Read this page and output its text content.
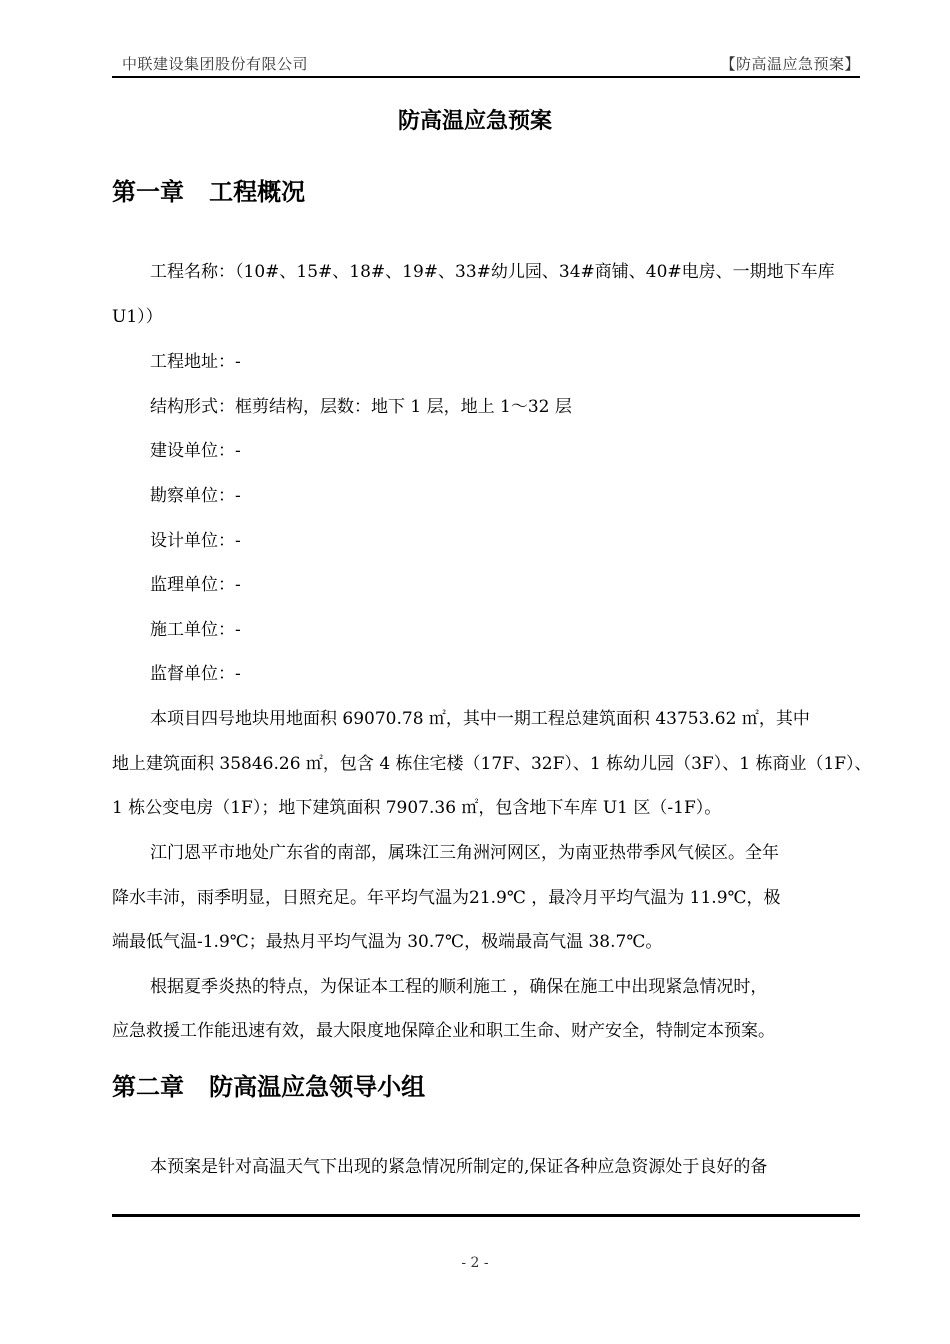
中联建设集团股份有限公司	【防高温应急预案】
防高温应急预案
第一章   工程概况
工程名称：（10#、15#、18#、19#、33#幼儿园、34#商铺、40#电房、一期地下车库
U1））
工程地址：-
结构形式：框剪结构，层数：地下 1 层，地上 1～32 层
建设单位：-
勘察单位：-
设计单位：-
监理单位：-
施工单位：-
监督单位：-
本项目四号地块用地面积 69070.78 ㎡，其中一期工程总建筑面积 43753.62 ㎡，其中
地上建筑面积 35846.26 ㎡，包含 4 栋住宅楼（17F、32F）、1 栋幼儿园（3F）、1 栋商业（1F）、
1 栋公变电房（1F）；地下建筑面积 7907.36 ㎡，包含地下车库 U1 区（-1F）。
江门恩平市地处广东省的南部，属珠江三角洲河网区，为南亚热带季风气候区。全年
降水丰沛，雨季明显，日照充足。年平均气温为21.9℃ ，最冷月平均气温为 11.9℃，极
端最低气温-1.9℃；最热月平均气温为 30.7℃，极端最高气温 38.7℃。
根据夏季炎热的特点，为保证本工程的顺利施工 ，确保在施工中出现紧急情况时，
应急救援工作能迅速有效，最大限度地保障企业和职工生命、财产安全，特制定本预案。
第二章   防高温应急领导小组
本预案是针对高温天气下出现的紧急情况所制定的,保证各种应急资源处于良好的备
- 2 -
